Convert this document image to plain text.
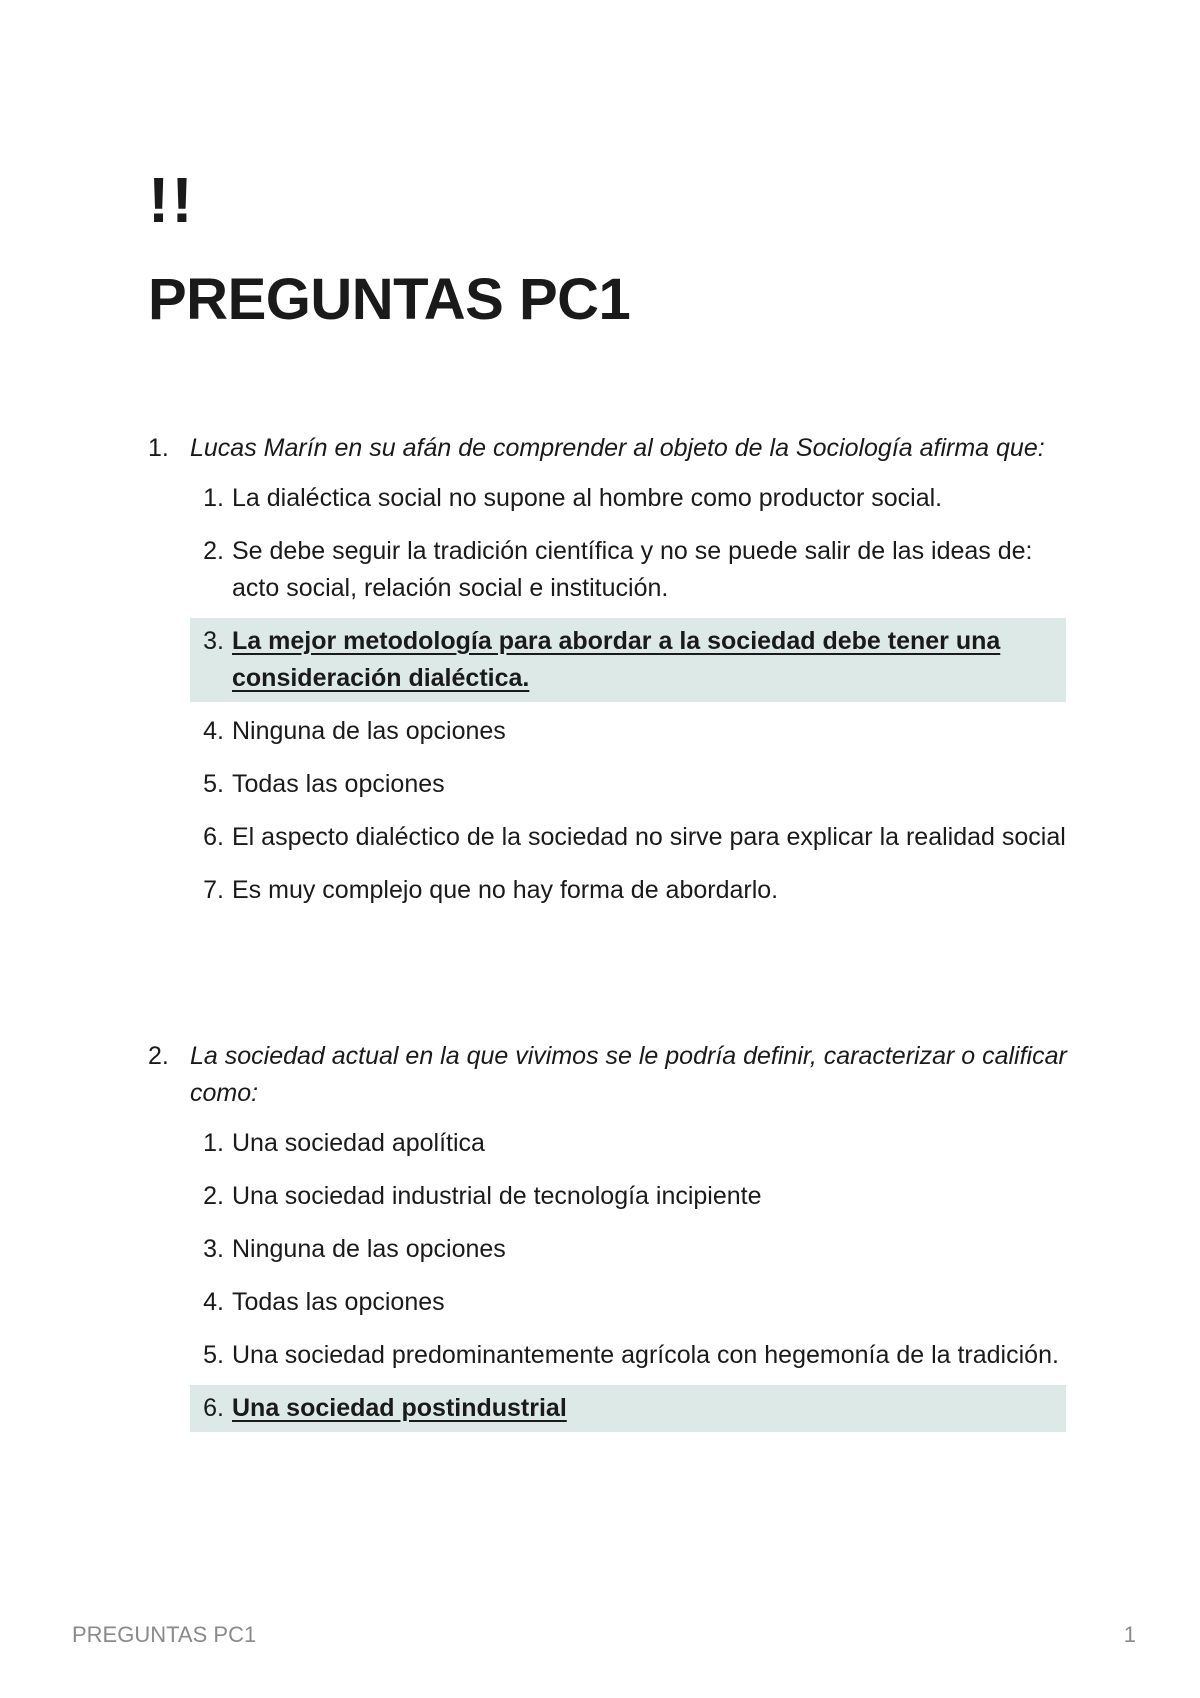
!!
PREGUNTAS PC1
1. Lucas Marín en su afán de comprender al objeto de la Sociología afirma que:
1. La dialéctica social no supone al hombre como productor social.
2. Se debe seguir la tradición científica y no se puede salir de las ideas de: acto social, relación social e institución.
3. La mejor metodología para abordar a la sociedad debe tener una consideración dialéctica.
4. Ninguna de las opciones
5. Todas las opciones
6. El aspecto dialéctico de la sociedad no sirve para explicar la realidad social
7. Es muy complejo que no hay forma de abordarlo.
2. La sociedad actual en la que vivimos se le podría definir, caracterizar o calificar como:
1. Una sociedad apolítica
2. Una sociedad industrial de tecnología incipiente
3. Ninguna de las opciones
4. Todas las opciones
5. Una sociedad predominantemente agrícola con hegemonía de la tradición.
6. Una sociedad postindustrial
PREGUNTAS PC1	1
